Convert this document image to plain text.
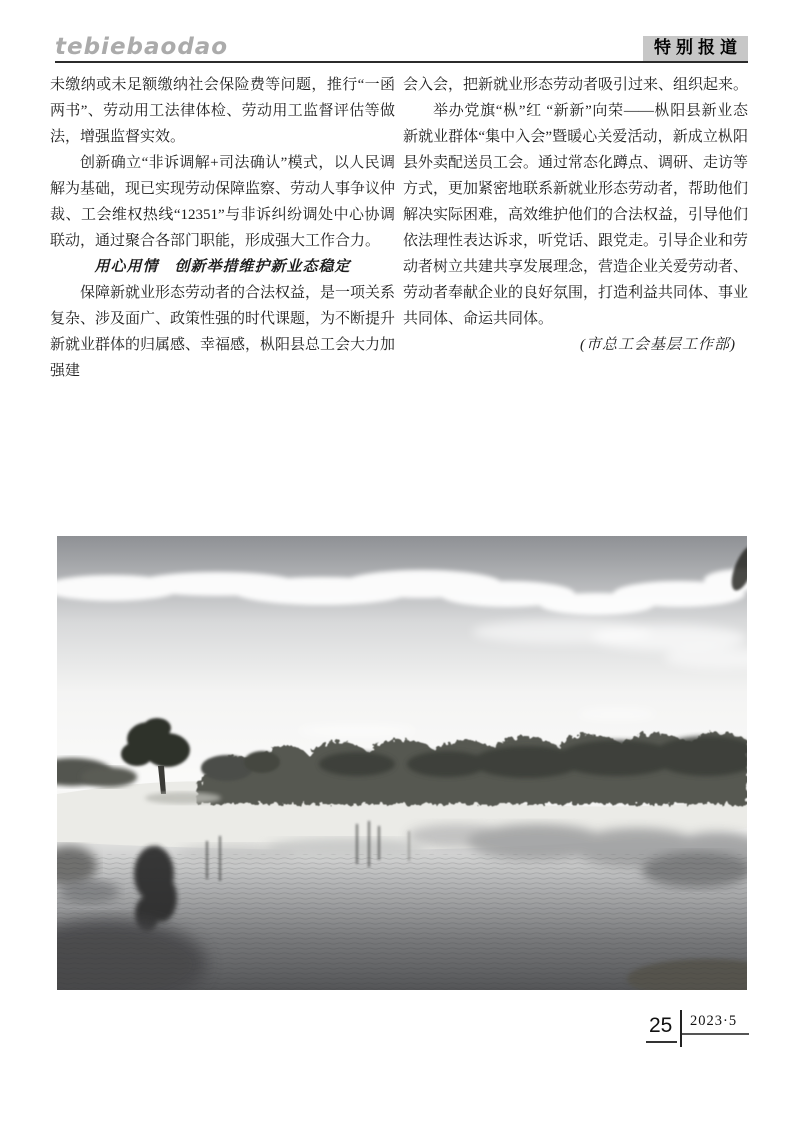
tebiebaodao	特别报道

未缴纳或未足额缴纳社会保险费等问题，推行“一函两书”、劳动用工法律体检、劳动用工监督评估等做法，增强监督实效。

创新确立“非诉调解+司法确认”模式，以人民调解为基础，现已实现劳动保障监察、劳动人事争议仲裁、工会维权热线“12351”与非诉纠纷调处中心协调联动，通过聚合各部门职能，形成强大工作合力。

用心用情　创新举措维护新业态稳定

保障新就业形态劳动者的合法权益，是一项关系复杂、涉及面广、政策性强的时代课题，为不断提升新就业群体的归属感、幸福感，枞阳县总工会大力加强建

会入会，把新就业形态劳动者吸引过来、组织起来。

举办党旗“枞”红 “新新”向荣——枞阳县新业态新就业群体“集中入会”暨暖心关爱活动，新成立枞阳县外卖配送员工会。通过常态化蹲点、调研、走访等方式，更加紧密地联系新就业形态劳动者，帮助他们解决实际困难，高效维护他们的合法权益，引导他们依法理性表达诉求，听党话、跟党走。引导企业和劳动者树立共建共享发展理念，营造企业关爱劳动者、劳动者奉献企业的良好氛围，打造利益共同体、事业共同体、命运共同体。

(市总工会基层工作部)

25	2023·5
